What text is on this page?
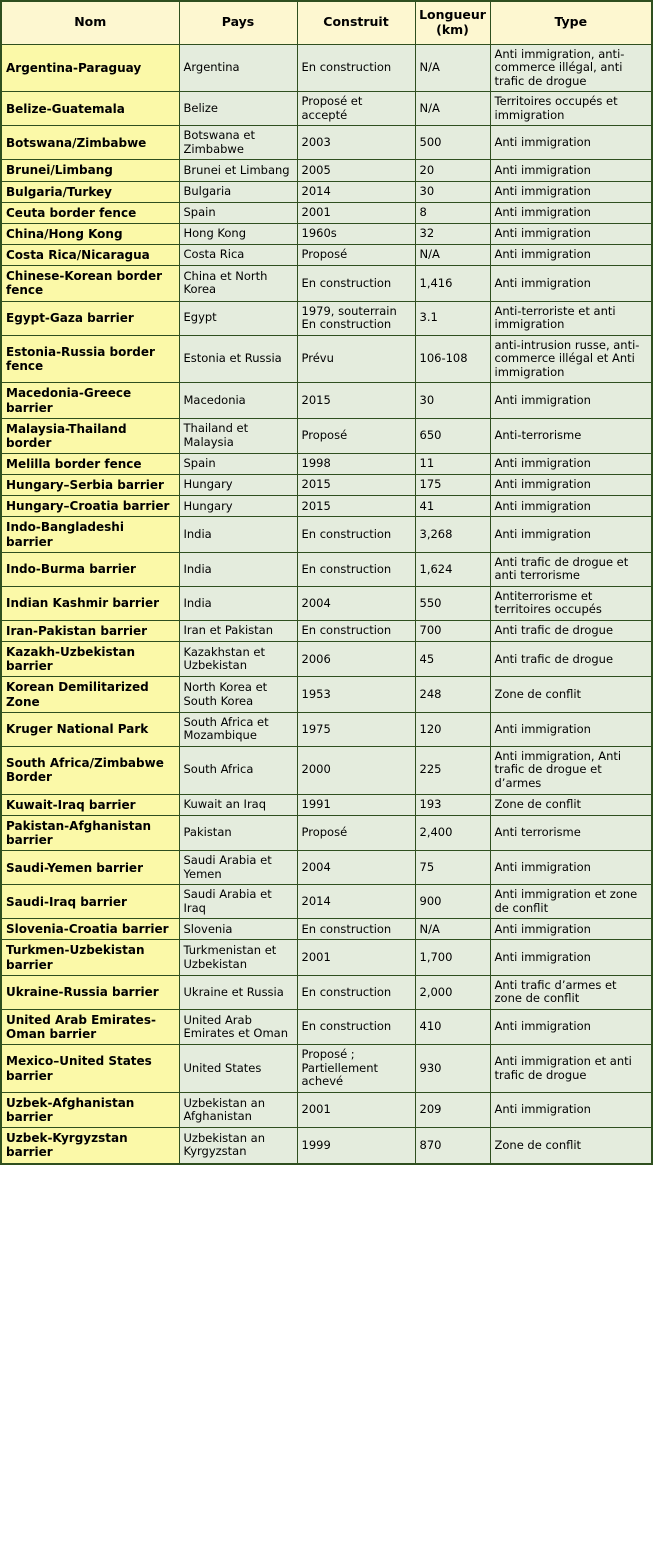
Nom	Pays	Construit	Longueur (km)	Type
Argentina-Paraguay	Argentina	En construction	N/A	Anti immigration, anti-commerce illégal, anti trafic de drogue
Belize-Guatemala	Belize	Proposé et accepté	N/A	Territoires occupés et immigration
Botswana/Zimbabwe	Botswana et Zimbabwe	2003	500	Anti immigration
Brunei/Limbang	Brunei et Limbang	2005	20	Anti immigration
Bulgaria/Turkey	Bulgaria	2014	30	Anti immigration
Ceuta border fence	Spain	2001	8	Anti immigration
China/Hong Kong	Hong Kong	1960s	32	Anti immigration
Costa Rica/Nicaragua	Costa Rica	Proposé	N/A	Anti immigration
Chinese-Korean border fence	China et North Korea	En construction	1,416	Anti immigration
Egypt-Gaza barrier	Egypt	1979, souterrain En construction	3.1	Anti-terroriste et anti immigration
Estonia-Russia border fence	Estonia et Russia	Prévu	106-108	anti-intrusion russe, anti-commerce illégal et Anti immigration
Macedonia-Greece barrier	Macedonia	2015	30	Anti immigration
Malaysia-Thailand border	Thailand et Malaysia	Proposé	650	Anti-terrorisme
Melilla border fence	Spain	1998	11	Anti immigration
Hungary–Serbia barrier	Hungary	2015	175	Anti immigration
Hungary–Croatia barrier	Hungary	2015	41	Anti immigration
Indo-Bangladeshi barrier	India	En construction	3,268	Anti immigration
Indo-Burma barrier	India	En construction	1,624	Anti trafic de drogue et anti terrorisme
Indian Kashmir barrier	India	2004	550	Antiterrorisme et territoires occupés
Iran-Pakistan barrier	Iran et Pakistan	En construction	700	Anti trafic de drogue
Kazakh-Uzbekistan barrier	Kazakhstan et Uzbekistan	2006	45	Anti trafic de drogue
Korean Demilitarized Zone	North Korea et South Korea	1953	248	Zone de conflit
Kruger National Park	South Africa et Mozambique	1975	120	Anti immigration
South Africa/Zimbabwe Border	South Africa	2000	225	Anti immigration, Anti trafic de drogue et d’armes
Kuwait-Iraq barrier	Kuwait an Iraq	1991	193	Zone de conflit
Pakistan-Afghanistan barrier	Pakistan	Proposé	2,400	Anti terrorisme
Saudi-Yemen barrier	Saudi Arabia et Yemen	2004	75	Anti immigration
Saudi-Iraq barrier	Saudi Arabia et Iraq	2014	900	Anti immigration et zone de conflit
Slovenia-Croatia barrier	Slovenia	En construction	N/A	Anti immigration
Turkmen-Uzbekistan barrier	Turkmenistan et Uzbekistan	2001	1,700	Anti immigration
Ukraine-Russia barrier	Ukraine et Russia	En construction	2,000	Anti trafic d’armes et zone de conflit
United Arab Emirates-Oman barrier	United Arab Emirates et Oman	En construction	410	Anti immigration
Mexico–United States barrier	United States	Proposé ; Partiellement achevé	930	Anti immigration et anti trafic de drogue
Uzbek-Afghanistan barrier	Uzbekistan an Afghanistan	2001	209	Anti immigration
Uzbek-Kyrgyzstan barrier	Uzbekistan an Kyrgyzstan	1999	870	Zone de conflit
